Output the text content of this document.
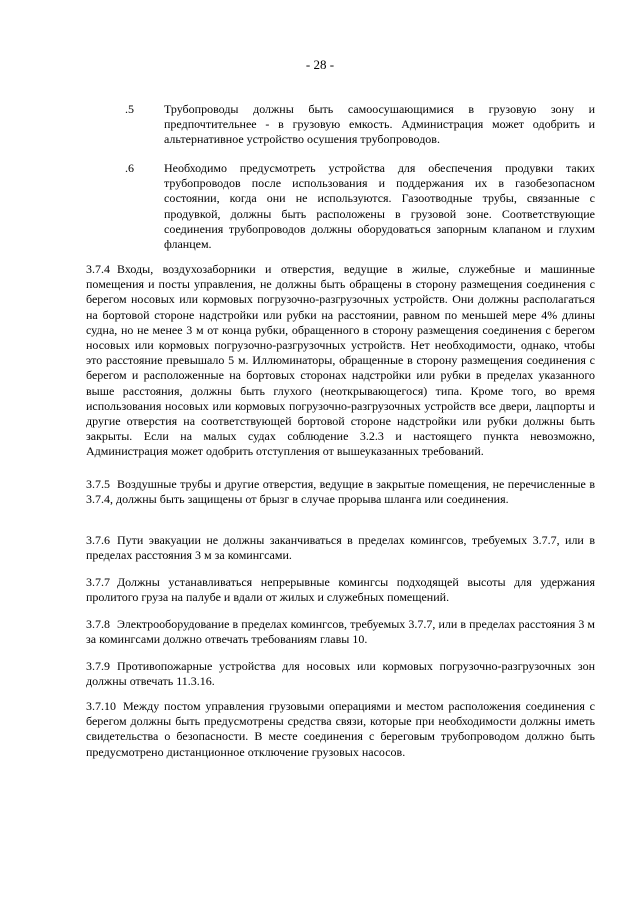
- 28 -
.5	Трубопроводы должны быть самоосушающимися в грузовую зону и предпочтительнее - в грузовую емкость. Администрация может одобрить и альтернативное устройство осушения трубопроводов.
.6	Необходимо предусмотреть устройства для обеспечения продувки таких трубопроводов после использования и поддержания их в газобезопасном состоянии, когда они не используются. Газоотводные трубы, связанные с продувкой, должны быть расположены в грузовой зоне. Соответствующие соединения трубопроводов должны оборудоваться запорным клапаном и глухим фланцем.
3.7.4 Входы, воздухозаборники и отверстия, ведущие в жилые, служебные и машинные помещения и посты управления, не должны быть обращены в сторону размещения соединения с берегом носовых или кормовых погрузочно-разгрузочных устройств. Они должны располагаться на бортовой стороне надстройки или рубки на расстоянии, равном по меньшей мере 4% длины судна, но не менее 3 м от конца рубки, обращенного в сторону размещения соединения с берегом носовых или кормовых погрузочно-разгрузочных устройств. Нет необходимости, однако, чтобы это расстояние превышало 5 м. Иллюминаторы, обращенные в сторону размещения соединения с берегом и расположенные на бортовых сторонах надстройки или рубки в пределах указанного выше расстояния, должны быть глухого (неоткрывающегося) типа. Кроме того, во время использования носовых или кормовых погрузочно-разгрузочных устройств все двери, лацпорты и другие отверстия на соответствующей бортовой стороне надстройки или рубки должны быть закрыты. Если на малых судах соблюдение 3.2.3 и настоящего пункта невозможно, Администрация может одобрить отступления от вышеуказанных требований.
3.7.5 Воздушные трубы и другие отверстия, ведущие в закрытые помещения, не перечисленные в 3.7.4, должны быть защищены от брызг в случае прорыва шланга или соединения.
3.7.6 Пути эвакуации не должны заканчиваться в пределах комингсов, требуемых 3.7.7, или в пределах расстояния 3 м за комингсами.
3.7.7 Должны устанавливаться непрерывные комингсы подходящей высоты для удержания пролитого груза на палубе и вдали от жилых и служебных помещений.
3.7.8 Электрооборудование в пределах комингсов, требуемых 3.7.7, или в пределах расстояния 3 м за комингсами должно отвечать требованиям главы 10.
3.7.9 Противопожарные устройства для носовых или кормовых погрузочно-разгрузочных зон должны отвечать 11.3.16.
3.7.10 Между постом управления грузовыми операциями и местом расположения соединения с берегом должны быть предусмотрены средства связи, которые при необходимости должны иметь свидетельства о безопасности. В месте соединения с береговым трубопроводом должно быть предусмотрено дистанционное отключение грузовых насосов.
